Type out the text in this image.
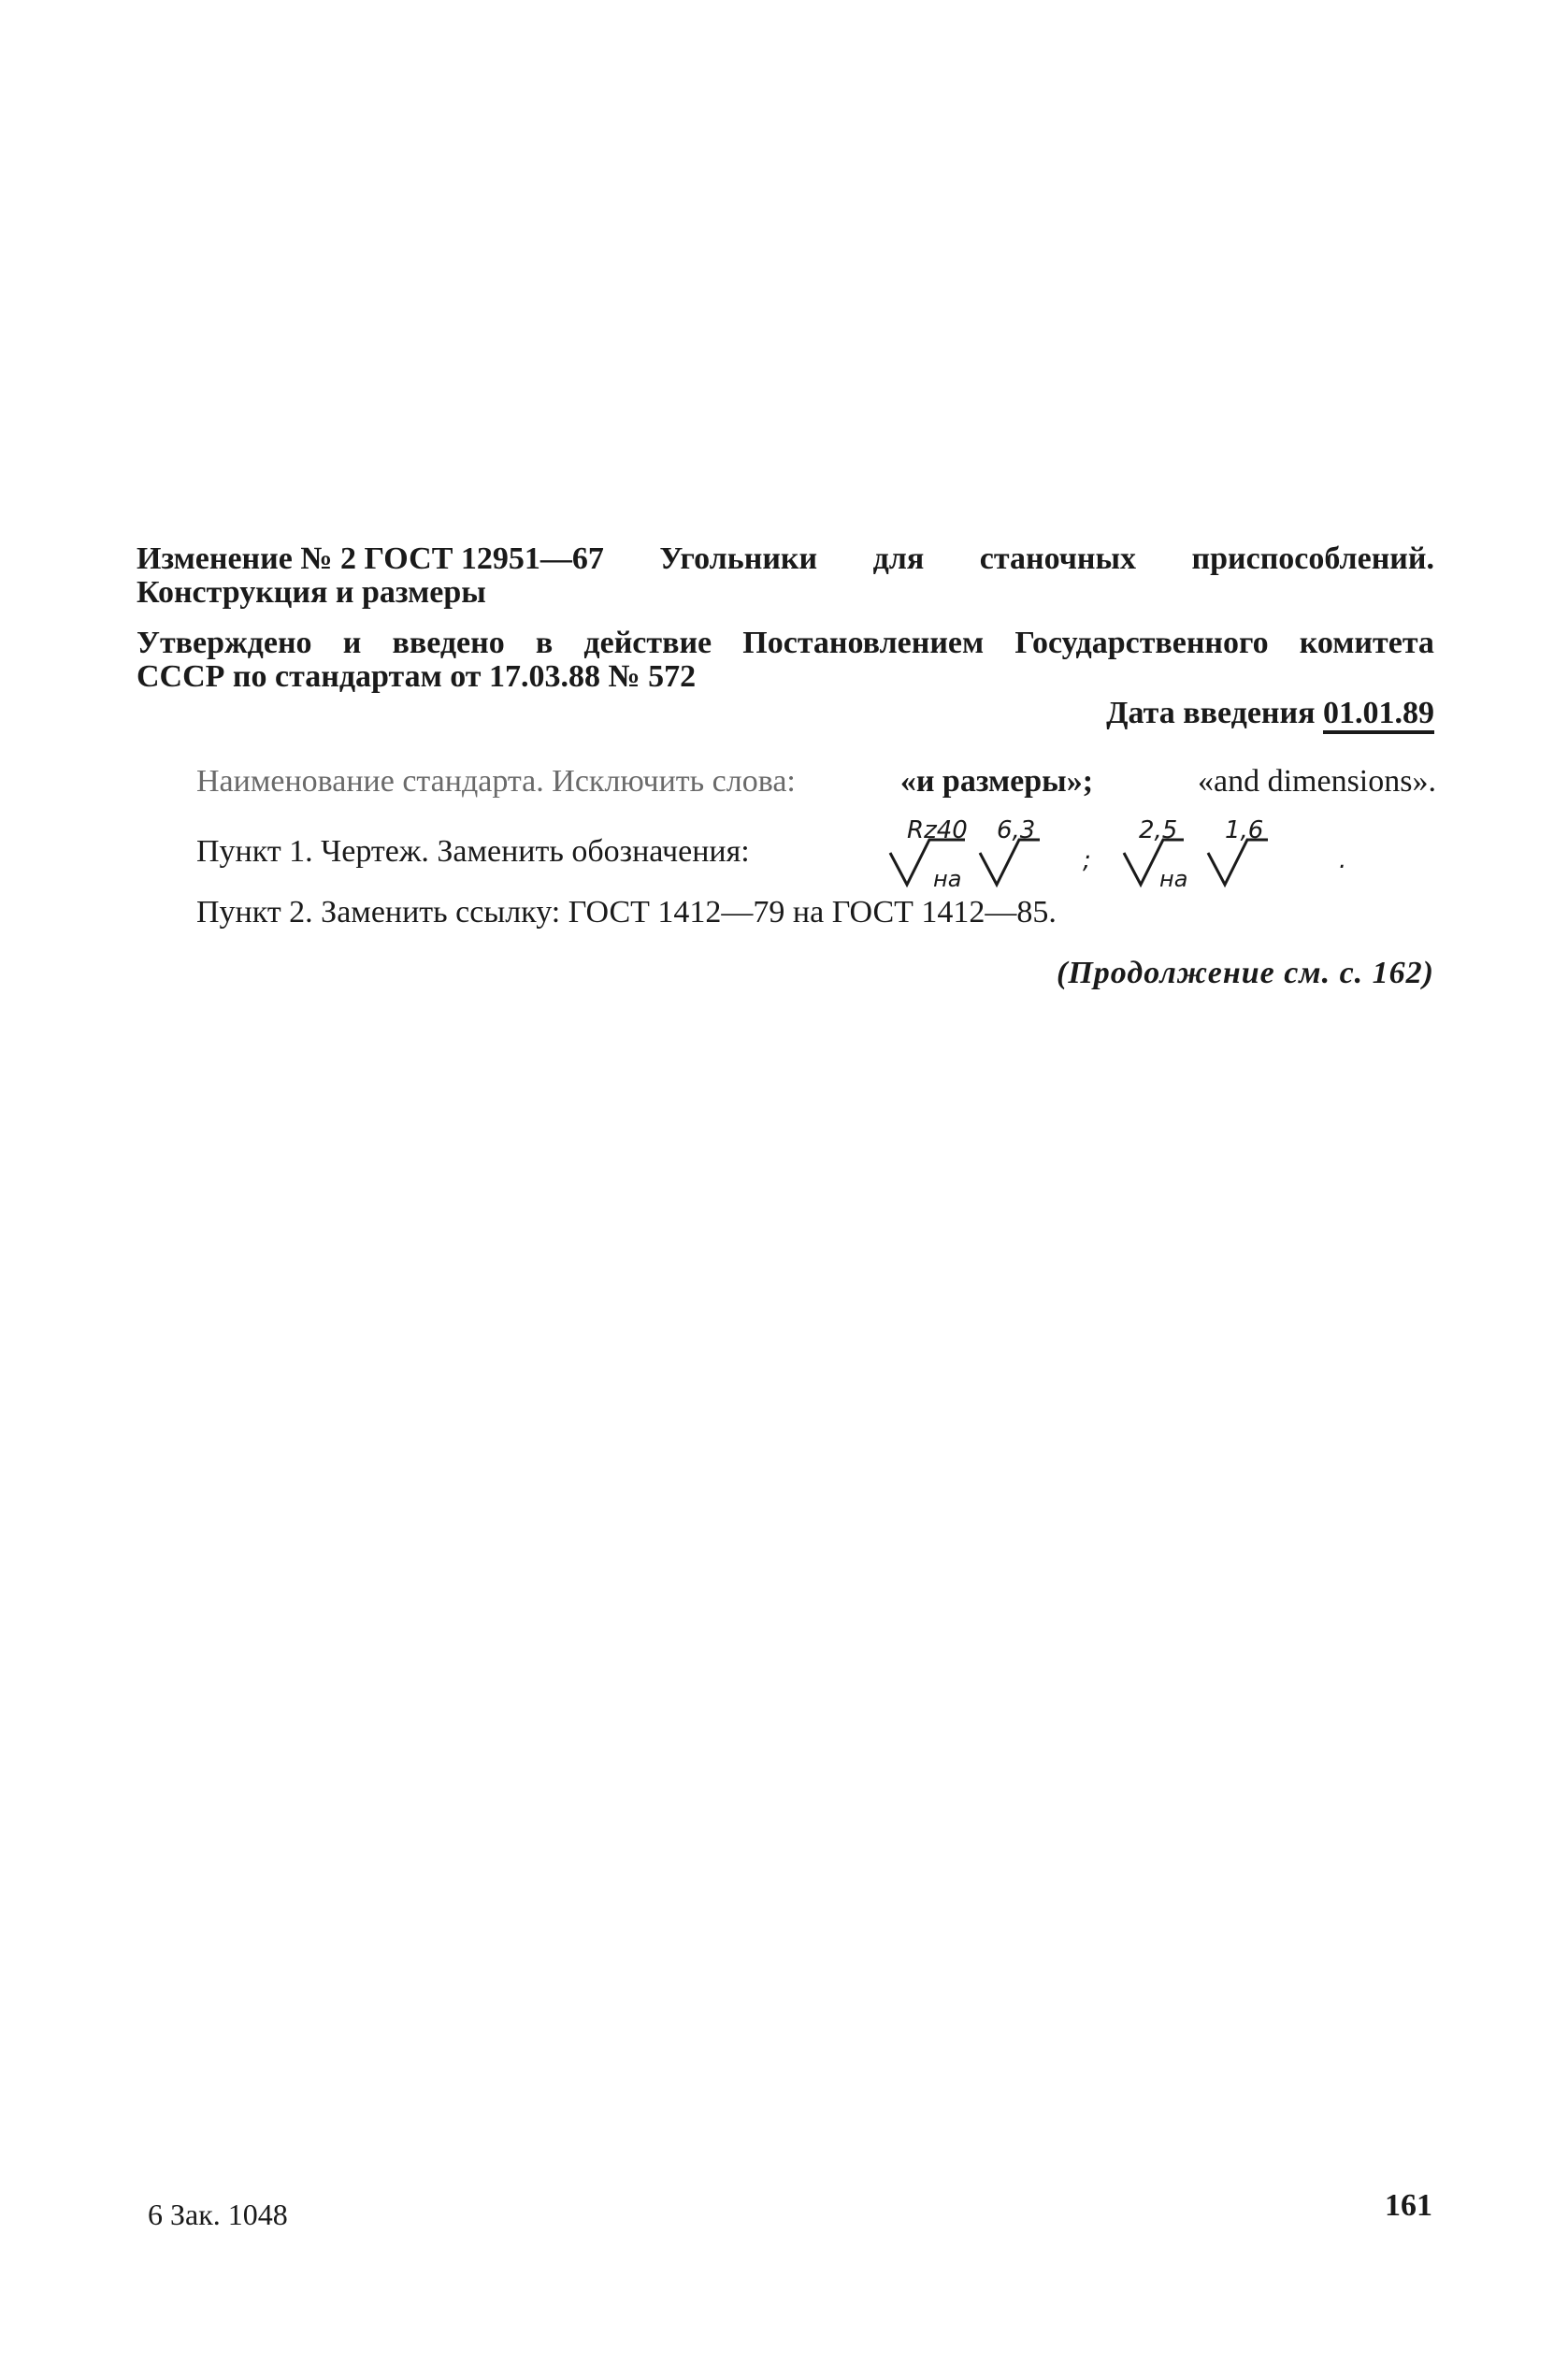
Изменение № 2 ГОСТ 12951—67 Угольники для станочных приспособлений.
Конструкция и размеры
Утверждено и введено в действие Постановлением Государственного комитета
СССР по стандартам от 17.03.88 № 572
Дата введения 01.01.89
Наименование стандарта. Исключить слова:	«и размеры»;	«and dimensions».
Пункт 1. Чертеж. Заменить обозначения:
Rz40
на
6,3
;
2,5
на
1,6
.
Пункт 2. Заменить ссылку: ГОСТ 1412—79 на ГОСТ 1412—85.
(Продолжение см. с. 162)
6 Зак. 1048	161
